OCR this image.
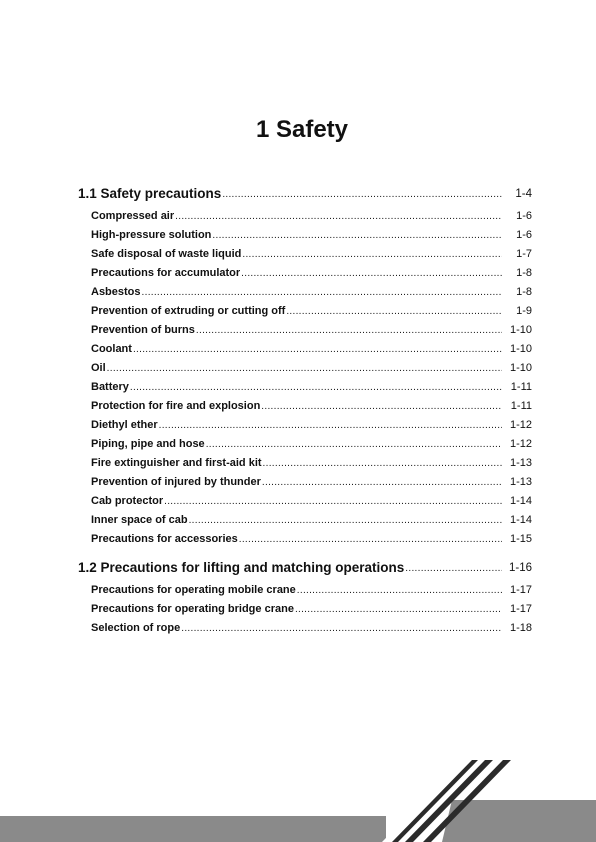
1 Safety
1.1 Safety precautions .....	1-4
Compressed air .....	1-6
High-pressure solution .....	1-6
Safe disposal of waste liquid .....	1-7
Precautions for accumulator .....	1-8
Asbestos .....	1-8
Prevention of extruding or cutting off .....	1-9
Prevention of burns .....	1-10
Coolant .....	1-10
Oil .....	1-10
Battery .....	1-11
Protection for fire and explosion .....	1-11
Diethyl ether .....	1-12
Piping, pipe and hose .....	1-12
Fire extinguisher and first-aid kit .....	1-13
Prevention of injured by thunder .....	1-13
Cab protector .....	1-14
Inner space of cab .....	1-14
Precautions for accessories .....	1-15
1.2 Precautions for lifting and matching operations .....	1-16
Precautions for operating mobile crane .....	1-17
Precautions for operating bridge crane .....	1-17
Selection of rope .....	1-18
